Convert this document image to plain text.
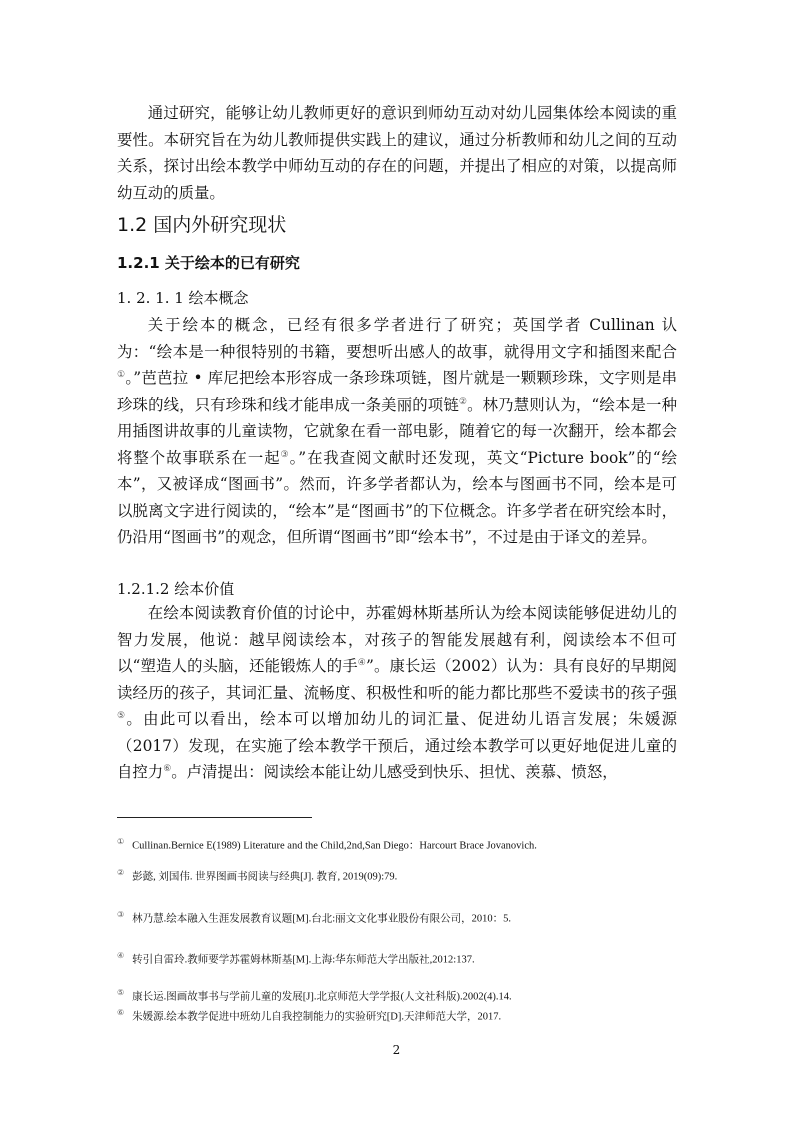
通过研究，能够让幼儿教师更好的意识到师幼互动对幼儿园集体绘本阅读的重要性。本研究旨在为幼儿教师提供实践上的建议，通过分析教师和幼儿之间的互动关系，探讨出绘本教学中师幼互动的存在的问题，并提出了相应的对策，以提高师幼互动的质量。
1.2 国内外研究现状
1.2.1 关于绘本的已有研究
1. 2. 1. 1 绘本概念
关于绘本的概念，已经有很多学者进行了研究；英国学者 Cullinan 认为：“绘本是一种很特别的书籍，要想听出感人的故事，就得用文字和插图来配合①。”芭芭拉 • 库尼把绘本形容成一条珍珠项链，图片就是一颗颗珍珠，文字则是串珍珠的线，只有珍珠和线才能串成一条美丽的项链②。林乃慧则认为，“绘本是一种用插图讲故事的儿童读物，它就象在看一部电影，随着它的每一次翻开，绘本都会将整个故事联系在一起③。”在我查阅文献时还发现，英文“Picture book”的“绘本”，又被译成“图画书”。然而，许多学者都认为，绘本与图画书不同，绘本是可以脱离文字进行阅读的，“绘本”是“图画书”的下位概念。许多学者在研究绘本时，仍沿用“图画书”的观念，但所谓“图画书”即“绘本书”，不过是由于译文的差异。
1.2.1.2 绘本价值
在绘本阅读教育价值的讨论中，苏霍姆林斯基所认为绘本阅读能够促进幼儿的智力发展，他说：越早阅读绘本，对孩子的智能发展越有利，阅读绘本不但可以“塑造人的头脑，还能锻炼人的手④”。康长运（2002）认为：具有良好的早期阅读经历的孩子，其词汇量、流畅度、积极性和听的能力都比那些不爱读书的孩子强⑤。由此可以看出，绘本可以增加幼儿的词汇量、促进幼儿语言发展；朱媛源（2017）发现，在实施了绘本教学干预后，通过绘本教学可以更好地促进儿童的自控力⑥。卢清提出：阅读绘本能让幼儿感受到快乐、担忧、羡慕、愤怒，
① Cullinan.Bernice E(1989) Literature and the Child,2nd,San Diego：Harcourt Brace Jovanovich.
② 彭懿, 刘国伟. 世界图画书阅读与经典[J]. 教育, 2019(09):79.
③ 林乃慧.绘本融入生涯发展教育议题[M].台北:丽文文化事业股份有限公司，2010：5.
④ 转引自雷玲.教师要学苏霍姆林斯基[M].上海:华东师范大学出版社,2012:137.
⑤ 康长运.图画故事书与学前儿童的发展[J].北京师范大学学报(人文社科版).2002(4).14.
⑥ 朱媛源.绘本教学促进中班幼儿自我控制能力的实验研究[D].天津师范大学，2017.
2
